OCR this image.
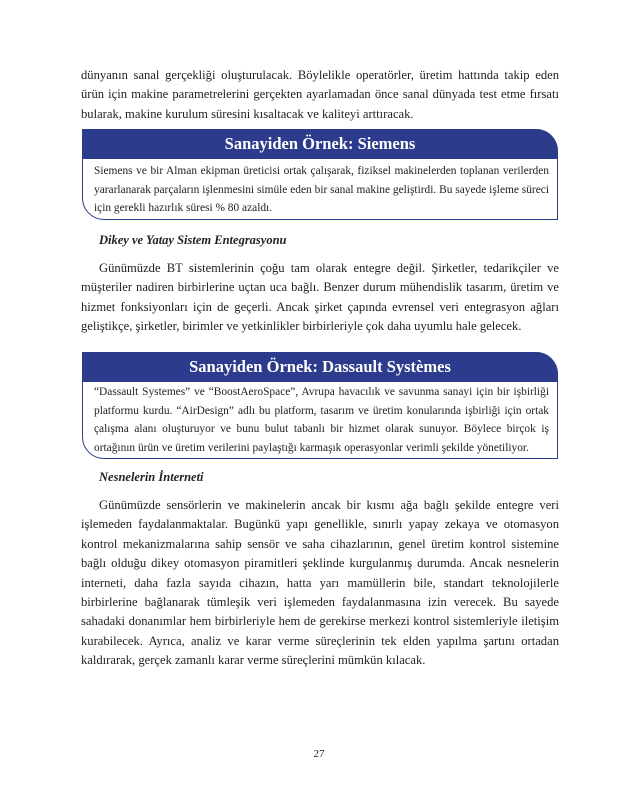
dünyanın sanal gerçekliği oluşturulacak. Böylelikle operatörler, üretim hattında takip eden ürün için makine parametrelerini gerçekten ayarlamadan önce sanal dünyada test etme fırsatı bularak, makine kurulum süresini kısaltacak ve kaliteyi arttıracak.

Sanayiden Örnek: Siemens

Siemens ve bir Alman ekipman üreticisi ortak çalışarak, fiziksel makinelerden toplanan verilerden yararlanarak parçaların işlenmesini simüle eden bir sanal makine geliştirdi. Bu sayede işleme süreci için gerekli hazırlık süresi % 80 azaldı.

Dikey ve Yatay Sistem Entegrasyonu

Günümüzde BT sistemlerinin çoğu tam olarak entegre değil. Şirketler, tedarikçiler ve müşteriler nadiren birbirlerine uçtan uca bağlı. Benzer durum mühendislik tasarım, üretim ve hizmet fonksiyonları için de geçerli. Ancak şirket çapında evrensel veri entegrasyon ağları geliştikçe, şirketler, birimler ve yetkinlikler birbirleriyle çok daha uyumlu hale gelecek.

Sanayiden Örnek: Dassault Systèmes

“Dassault Systemes” ve “BoostAeroSpace”, Avrupa havacılık ve savunma sanayi için bir işbirliği platformu kurdu. “AirDesign” adlı bu platform, tasarım ve üretim konularında işbirliği için ortak çalışma alanı oluşturuyor ve bunu bulut tabanlı bir hizmet olarak sunuyor. Böylece birçok iş ortağının ürün ve üretim verilerini paylaştığı karmaşık operasyonlar verimli şekilde yönetiliyor.

Nesnelerin İnterneti

Günümüzde sensörlerin ve makinelerin ancak bir kısmı ağa bağlı şekilde entegre veri işlemeden faydalanmaktalar. Bugünkü yapı genellikle, sınırlı yapay zekaya ve otomasyon kontrol mekanizmalarına sahip sensör ve saha cihazlarının, genel üretim kontrol sistemine bağlı olduğu dikey otomasyon piramitleri şeklinde kurgulanmış durumda. Ancak nesnelerin interneti, daha fazla sayıda cihazın, hatta yarı mamüllerin bile, standart teknolojilerle birbirlerine bağlanarak tümleşik veri işlemeden faydalanmasına izin verecek. Bu sayede sahadaki donanımlar hem birbirleriyle hem de gerekirse merkezi kontrol sistemleriyle iletişim kurabilecek. Ayrıca, analiz ve karar verme süreçlerinin tek elden yapılma şartını ortadan kaldırarak, gerçek zamanlı karar verme süreçlerini mümkün kılacak.

27
